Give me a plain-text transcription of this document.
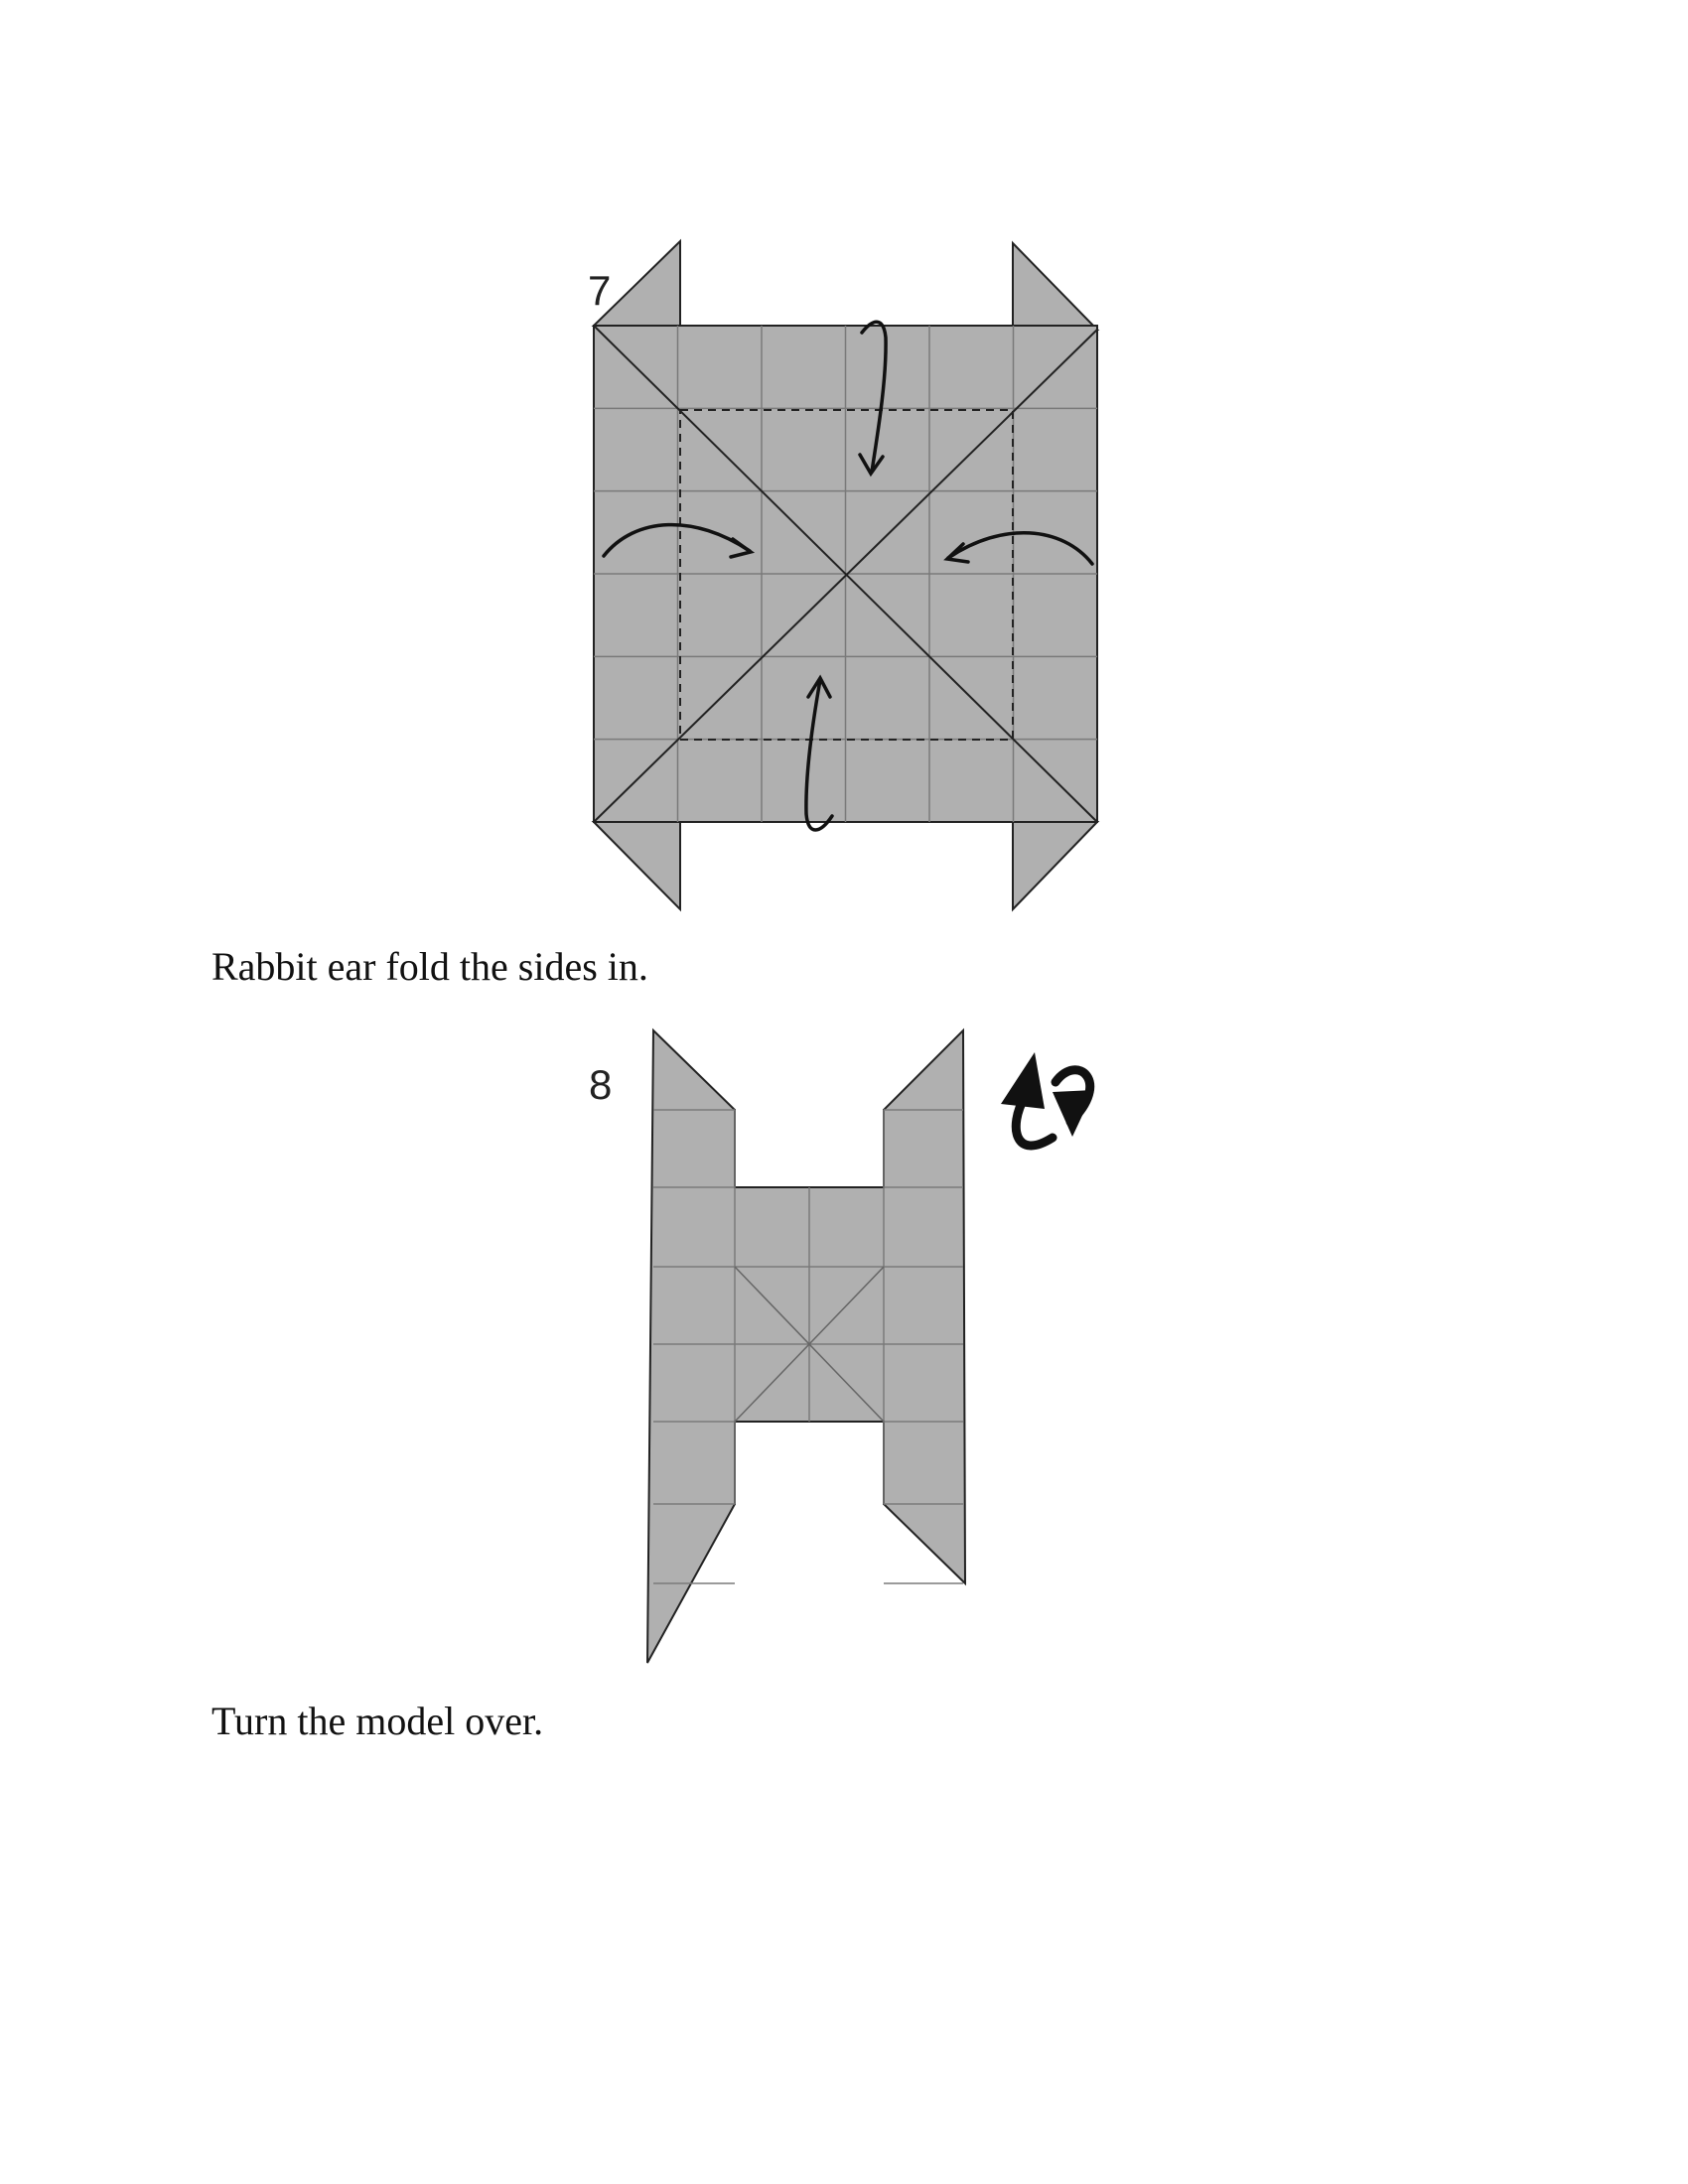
7
Rabbit ear fold the sides in.
8
Turn the model over.
